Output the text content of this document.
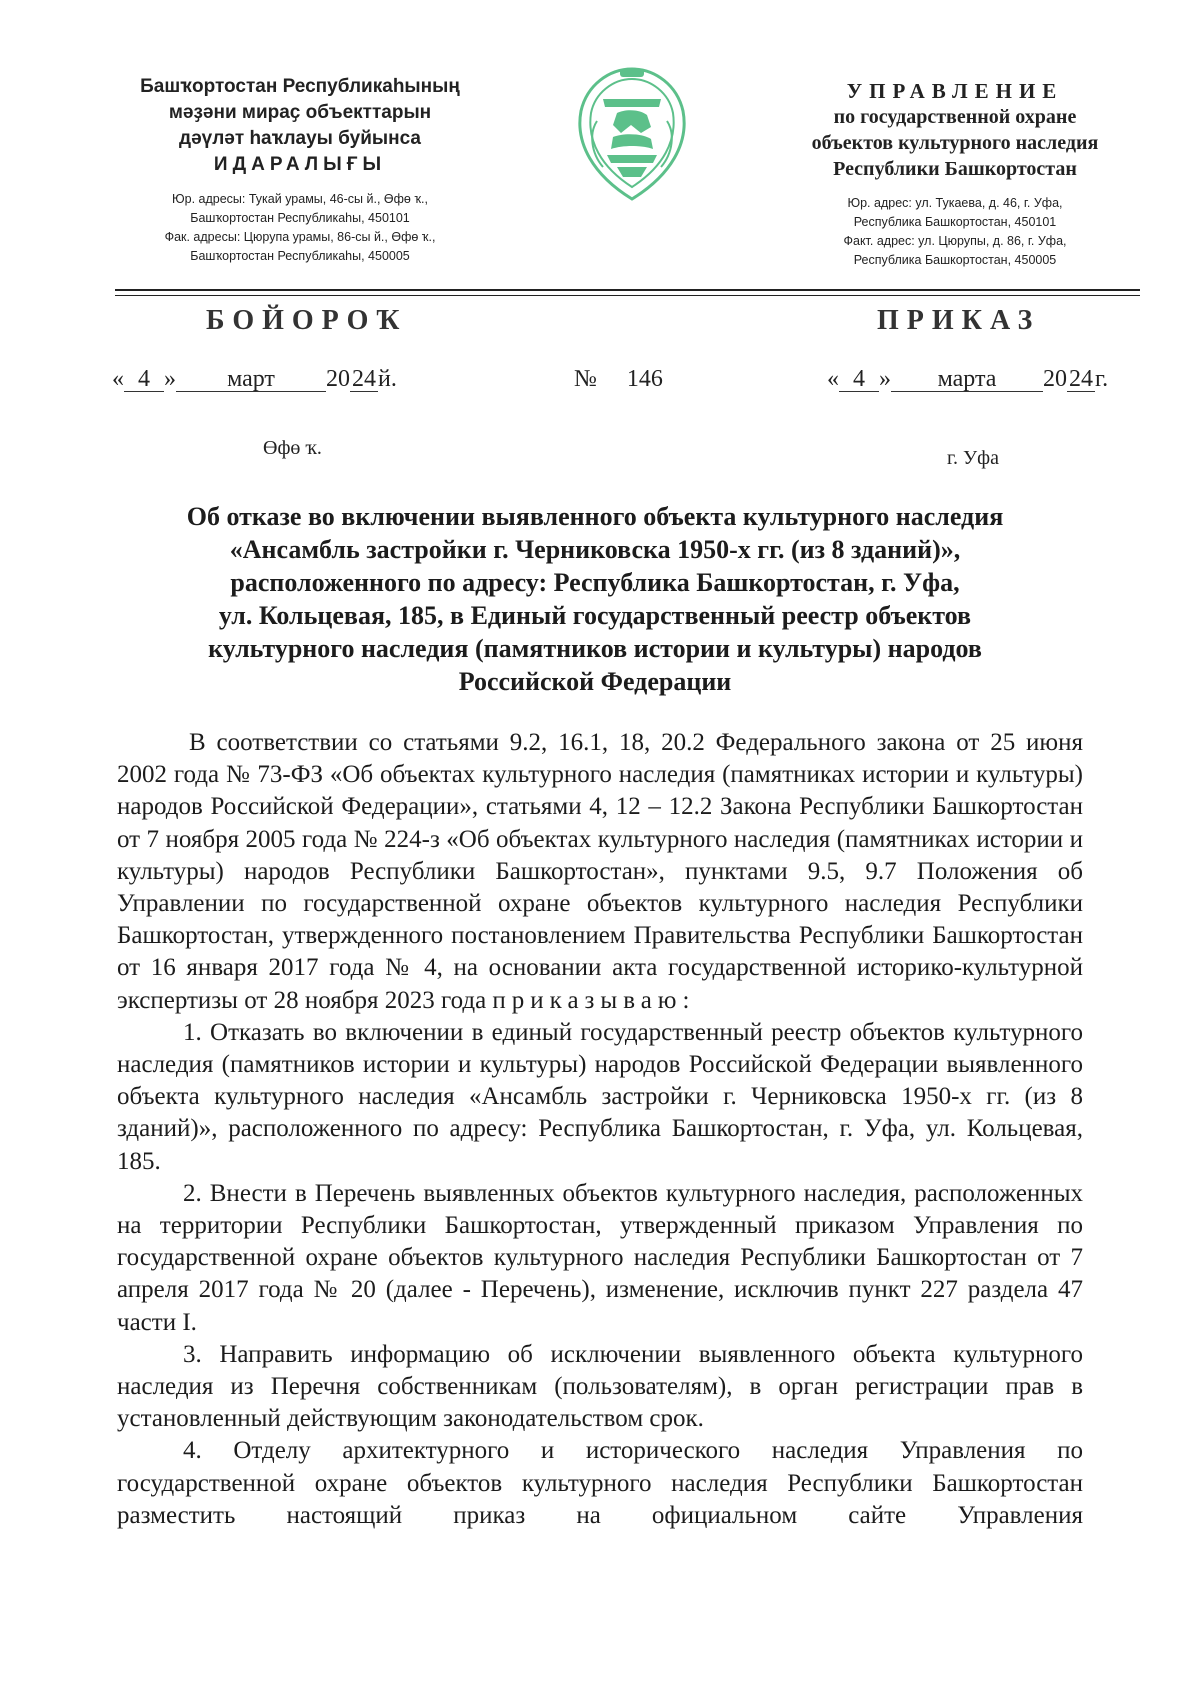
Башҡортостан Республикаһының
мәҙәни мираҫ объекттарын
дәүләт һаҡлауы буйынса
ИДАРАЛЫҒЫ
Юр. адресы: Тукай урамы, 46-сы й., Өфө ҡ.,
Башҡортостан Республикаһы, 450101
Фак. адресы: Цюрупа урамы, 86-сы й., Өфө ҡ.,
Башҡортостан Республикаһы, 450005
УПРАВЛЕНИЕ
по государственной охране
объектов культурного наследия
Республики Башкортостан
Юр. адрес: ул. Тукаева, д. 46, г. Уфа,
Республика Башкортостан, 450101
Факт. адрес: ул. Цюрупы, д. 86, г. Уфа,
Республика Башкортостан, 450005
БОЙОРОҠ	ПРИКАЗ
« 4 » март 2024й.	№ 146	« 4 » марта 2024г.
Өфө ҡ.	г. Уфа
Об отказе во включении выявленного объекта культурного наследия
«Ансамбль застройки г. Черниковска 1950-х гг. (из 8 зданий)»,
расположенного по адресу: Республика Башкортостан, г. Уфа,
ул. Кольцевая, 185, в Единый государственный реестр объектов
культурного наследия (памятников истории и культуры) народов
Российской Федерации

В соответствии со статьями 9.2, 16.1, 18, 20.2 Федерального закона от 25 июня 2002 года № 73-ФЗ «Об объектах культурного наследия (памятниках истории и культуры) народов Российской Федерации», статьями 4, 12 – 12.2 Закона Республики Башкортостан от 7 ноября 2005 года № 224-з «Об объектах культурного наследия (памятниках истории и культуры) народов Республики Башкортостан», пунктами 9.5, 9.7 Положения об Управлении по государственной охране объектов культурного наследия Республики Башкортостан, утвержденного постановлением Правительства Республики Башкортостан от 16 января 2017 года № 4, на основании акта государственной историко-культурной экспертизы от 28 ноября 2023 года приказываю:

1. Отказать во включении в единый государственный реестр объектов культурного наследия (памятников истории и культуры) народов Российской Федерации выявленного объекта культурного наследия «Ансамбль застройки г. Черниковска 1950-х гг. (из 8 зданий)», расположенного по адресу: Республика Башкортостан, г. Уфа, ул. Кольцевая, 185.

2. Внести в Перечень выявленных объектов культурного наследия, расположенных на территории Республики Башкортостан, утвержденный приказом Управления по государственной охране объектов культурного наследия Республики Башкортостан от 7 апреля 2017 года № 20 (далее - Перечень), изменение, исключив пункт 227 раздела 47 части I.

3. Направить информацию об исключении выявленного объекта культурного наследия из Перечня собственникам (пользователям), в орган регистрации прав в установленный действующим законодательством срок.

4. Отделу архитектурного и исторического наследия Управления по государственной охране объектов культурного наследия Республики Башкортостан разместить настоящий приказ на официальном сайте Управления
